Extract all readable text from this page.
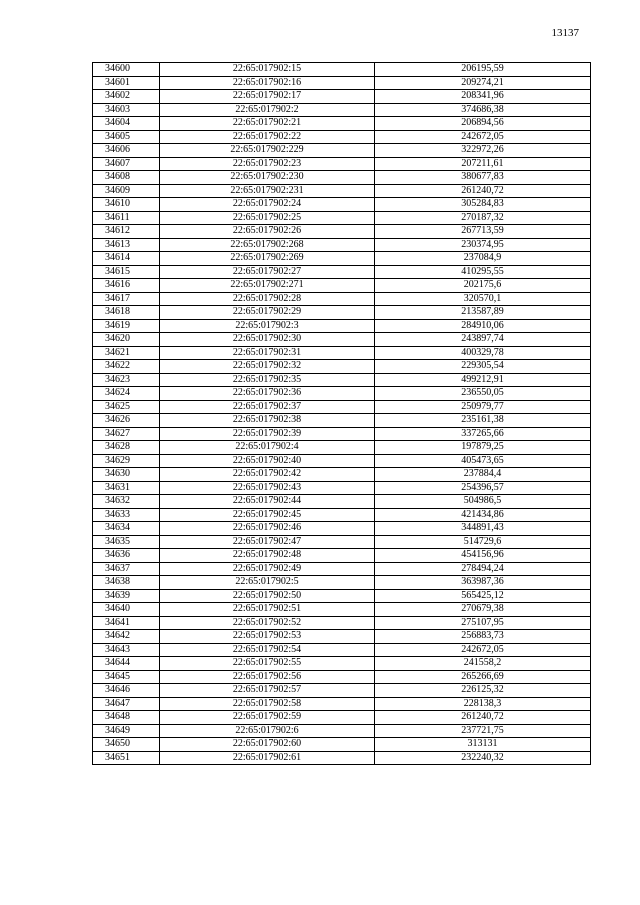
13137
34600	22:65:017902:15	206195,59
34601	22:65:017902:16	209274,21
34602	22:65:017902:17	208341,96
34603	22:65:017902:2	374686,38
34604	22:65:017902:21	206894,56
34605	22:65:017902:22	242672,05
34606	22:65:017902:229	322972,26
34607	22:65:017902:23	207211,61
34608	22:65:017902:230	380677,83
34609	22:65:017902:231	261240,72
34610	22:65:017902:24	305284,83
34611	22:65:017902:25	270187,32
34612	22:65:017902:26	267713,59
34613	22:65:017902:268	230374,95
34614	22:65:017902:269	237084,9
34615	22:65:017902:27	410295,55
34616	22:65:017902:271	202175,6
34617	22:65:017902:28	320570,1
34618	22:65:017902:29	213587,89
34619	22:65:017902:3	284910,06
34620	22:65:017902:30	243897,74
34621	22:65:017902:31	400329,78
34622	22:65:017902:32	229305,54
34623	22:65:017902:35	499212,91
34624	22:65:017902:36	236550,05
34625	22:65:017902:37	250979,77
34626	22:65:017902:38	235161,38
34627	22:65:017902:39	337265,66
34628	22:65:017902:4	197879,25
34629	22:65:017902:40	405473,65
34630	22:65:017902:42	237884,4
34631	22:65:017902:43	254396,57
34632	22:65:017902:44	504986,5
34633	22:65:017902:45	421434,86
34634	22:65:017902:46	344891,43
34635	22:65:017902:47	514729,6
34636	22:65:017902:48	454156,96
34637	22:65:017902:49	278494,24
34638	22:65:017902:5	363987,36
34639	22:65:017902:50	565425,12
34640	22:65:017902:51	270679,38
34641	22:65:017902:52	275107,95
34642	22:65:017902:53	256883,73
34643	22:65:017902:54	242672,05
34644	22:65:017902:55	241558,2
34645	22:65:017902:56	265266,69
34646	22:65:017902:57	226125,32
34647	22:65:017902:58	228138,3
34648	22:65:017902:59	261240,72
34649	22:65:017902:6	237721,75
34650	22:65:017902:60	313131
34651	22:65:017902:61	232240,32
